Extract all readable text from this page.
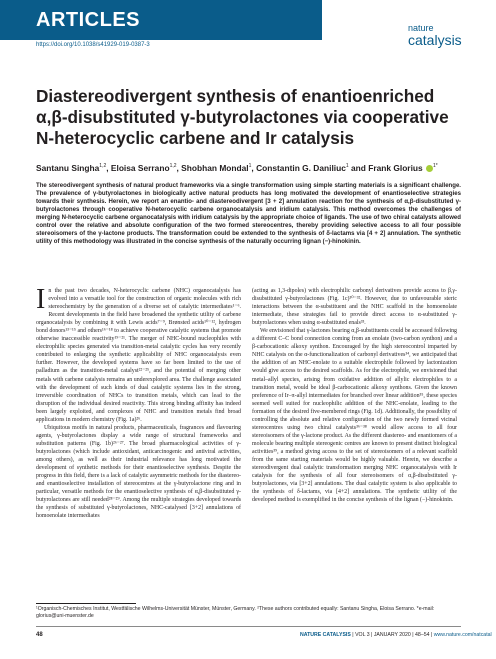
ARTICLES
https://doi.org/10.1038/s41929-019-0387-3
nature
catalysis
Diastereodivergent synthesis of enantioenriched α,β-disubstituted γ-butyrolactones via cooperative N-heterocyclic carbene and Ir catalysis
Santanu Singha$^{1,2}$, Eloisa Serrano$^{1,2}$, Shobhan Mondal$^1$, Constantin G. Daniliuc$^1$ and Frank Glorius $^{1*}$

The stereodivergent synthesis of natural product frameworks via a single transformation using simple starting materials is a significant challenge. The prevalence of γ-butyrolactones in biologically active natural products has long motivated the development of enantioselective strategies towards their synthesis. Herein, we report an enantio- and diastereodivergent [3 + 2] annulation reaction for the synthesis of α,β-disubstituted γ-butyrolactones through cooperative N-heterocyclic carbene organocatalysis and iridium catalysis. This method overcomes the challenges of merging N-heterocyclic carbene organocatalysis with iridium catalysis by the appropriate choice of ligands. The use of two chiral catalysts allowed control over the relative and absolute configuration of the two formed stereocentres, thereby providing selective access to all four possible stereoisomers of the γ-lactone products. The transformation could be extended to the synthesis of δ-lactams via [4 + 2] annulation. The synthetic utility of this methodology was illustrated in the concise synthesis of the naturally occurring lignan (−)-hinokinin.

In the past two decades, N-heterocyclic carbene (NHC) organocatalysis has evolved into a versatile tool for the construction of organic molecules with rich stereochemistry by the generation of a diverse set of catalytic intermediates¹⁻⁶. Recent developments in the field have broadened the synthetic utility of carbene organocatalysis by combining it with Lewis acids⁷⁻⁹, Brønsted acids¹⁰⁻¹², hydrogen bond donors¹³⁻¹⁵ and others¹⁶⁻¹⁸ to achieve cooperative catalytic systems that promote otherwise inaccessible reactivity¹⁹⁻²¹. The merger of NHC-bound nucleophiles with electrophilic species generated via transition-metal catalytic cycles has very recently contributed to enlarging the synthetic applicability of NHC organocatalysis even further. However, the developed systems have so far been limited to the use of palladium as the transition-metal catalyst²²⁻²⁵, and the potential of merging other metals with carbene catalysis remains an underexplored area. The challenge associated with the development of such kinds of dual catalytic systems lies in the strong, irreversible coordination of NHCs to transition metals, which can lead to the disruption of the individual desired reactivity. This strong binding affinity has indeed been largely exploited, and complexes of NHC and transition metals find broad applications in modern chemistry (Fig. 1a)²⁶.

Ubiquitous motifs in natural products, pharmaceuticals, fragrances and flavouring agents, γ-butyrolactones display a wide range of structural frameworks and substitution patterns (Fig. 1b)²⁶⁻²⁷. The broad pharmacological activities of γ-butyrolactones (which include antioxidant, anticarcinogenic and antiviral activities, among others), as well as their industrial relevance has long motivated the development of synthetic methods for their enantioselective synthesis. Despite the progress in this field, there is a lack of catalytic asymmetric methods for the diastereo- and enantioselective installation of stereocentres at the γ-butyrolactone ring and in particular, versatile methods for the enantioselective synthesis of α,β-disubstituted γ-butyrolactones are still needed²⁸⁻²⁹. Among the multiple strategies developed towards the synthesis of substituted γ-butyrolactones, NHC-catalysed [3+2] annulations of homoenolate intermediates

(acting as 1,3-dipoles) with electrophilic carbonyl derivatives provide access to β,γ-disubstituted γ-butyrolactones (Fig. 1c)³⁰⁻³². However, due to unfavourable steric interactions between the α-substituent and the NHC scaffold in the homoenolate intermediate, these strategies fail to provide direct access to α-substituted γ-butyrolactones when using α-substituted enals³³.

We envisioned that γ-lactones bearing α,β-substituents could be accessed following a different C–C bond connection coming from an enolate (two-carbon synthon) and a β-carbocationic alkoxy synthon. Encouraged by the high stereocontrol imparted by NHC catalysts on the α-functionalization of carbonyl derivatives³⁴, we anticipated that the addition of an NHC-enolate to a suitable electrophile followed by lactonization would give access to the desired scaffolds. As for the electrophile, we envisioned that metal–allyl species, arising from oxidative addition of allylic electrophiles to a transition metal, would be ideal β-carbocationic alkoxy synthons. Given the known preference of Ir–π-allyl intermediates for branched over linear addition³⁵, these species seemed well suited for nucleophilic addition of the NHC-enolate, leading to the formation of the desired five-membered rings (Fig. 1d). Additionally, the possibility of controlling the absolute and relative configuration of the two newly formed vicinal stereocentres using two chiral catalysts³⁶⁻³⁸ would allow access to all four stereoisomers of the γ-lactone product. As the different diastereo- and enantiomers of a molecule bearing multiple stereogenic centres are known to present distinct biological activities³⁹, a method giving access to the set of stereoisomers of a relevant scaffold from the same starting materials would be highly valuable. Herein, we describe a stereodivergent dual catalytic transformation merging NHC organocatalysis with Ir catalysis for the synthesis of all four stereoisomers of α,β-disubstituted γ-butyrolactones, via [3+2] annulations. The dual catalytic system is also applicable to the synthesis of δ-lactams, via [4+2] annulations. The synthetic utility of the developed method is exemplified in the concise synthesis of the lignan (−)-hinokinin.

¹Organisch-Chemisches Institut, Westfälische Wilhelms-Universität Münster, Münster, Germany. ²These authors contributed equally: Santanu Singha, Eloisa Serrano. *e-mail: glorius@uni-muenster.de
48	NATURE CATALYSIS | VOL 3 | JANUARY 2020 | 48–54 | www.nature.com/natcatal
